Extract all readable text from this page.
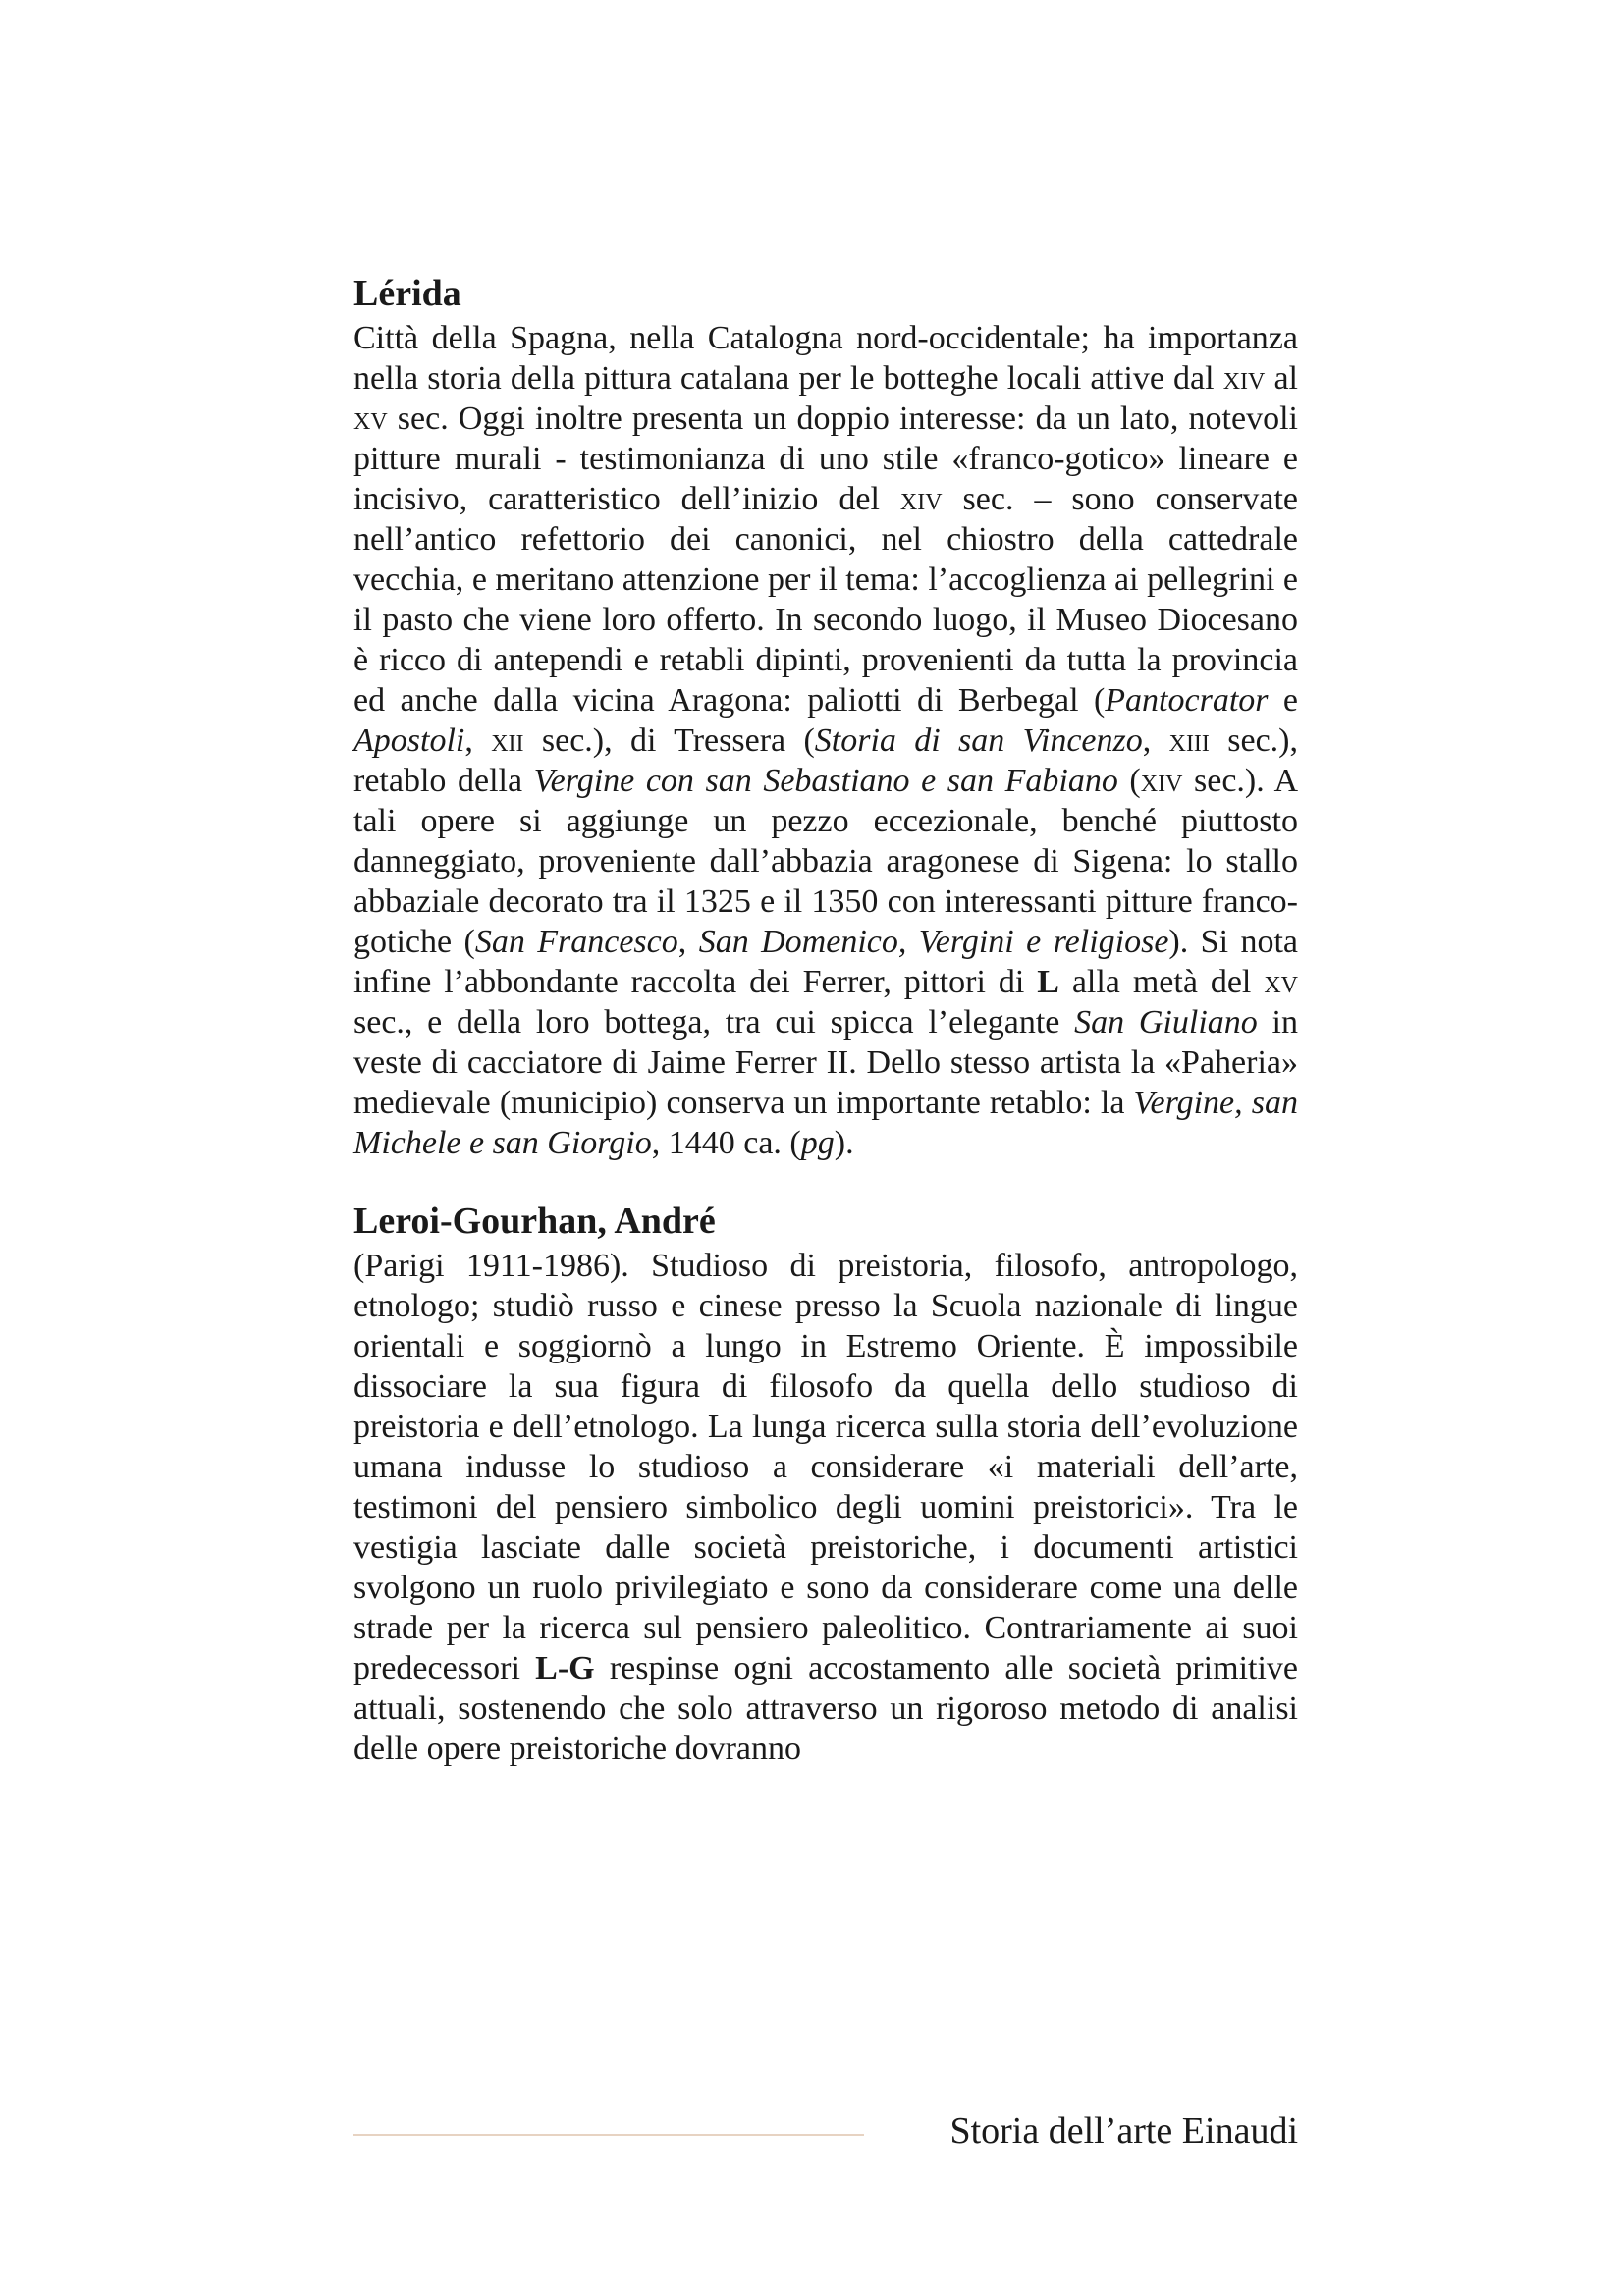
Lérida

Città della Spagna, nella Catalogna nord-occidentale; ha importanza nella storia della pittura catalana per le botteghe locali attive dal xiv al xv sec. Oggi inoltre presenta un doppio interesse: da un lato, notevoli pitture murali - testimonianza di uno stile «franco-gotico» lineare e incisivo, caratteristico dell’inizio del xiv sec. – sono conservate nell’antico refettorio dei canonici, nel chiostro della cattedrale vecchia, e meritano attenzione per il tema: l’accoglienza ai pellegrini e il pasto che viene loro offerto. In secondo luogo, il Museo Diocesano è ricco di antependi e retabli dipinti, provenienti da tutta la provincia ed anche dalla vicina Aragona: paliotti di Berbegal (Pantocrator e Apostoli, xii sec.), di Tressera (Storia di san Vincenzo, xiii sec.), retablo della Vergine con san Sebastiano e san Fabiano (xiv sec.). A tali opere si aggiunge un pezzo eccezionale, benché piuttosto danneggiato, proveniente dall’abbazia aragonese di Sigena: lo stallo abbaziale decorato tra il 1325 e il 1350 con interessanti pitture franco-gotiche (San Francesco, San Domenico, Vergini e religiose). Si nota infine l’abbondante raccolta dei Ferrer, pittori di L alla metà del xv sec., e della loro bottega, tra cui spicca l’elegante San Giuliano in veste di cacciatore di Jaime Ferrer II. Dello stesso artista la «Paheria» medievale (municipio) conserva un importante retablo: la Vergine, san Michele e san Giorgio, 1440 ca. (pg).

Leroi-Gourhan, André

(Parigi 1911-1986). Studioso di preistoria, filosofo, antropologo, etnologo; studiò russo e cinese presso la Scuola nazionale di lingue orientali e soggiornò a lungo in Estremo Oriente. È impossibile dissociare la sua figura di filosofo da quella dello studioso di preistoria e dell’etnologo. La lunga ricerca sulla storia dell’evoluzione umana indusse lo studioso a considerare «i materiali dell’arte, testimoni del pensiero simbolico degli uomini preistorici». Tra le vestigia lasciate dalle società preistoriche, i documenti artistici svolgono un ruolo privilegiato e sono da considerare come una delle strade per la ricerca sul pensiero paleolitico. Contrariamente ai suoi predecessori L-G respinse ogni accostamento alle società primitive attuali, sostenendo che solo attraverso un rigoroso metodo di analisi delle opere preistoriche dovranno

Storia dell’arte Einaudi
